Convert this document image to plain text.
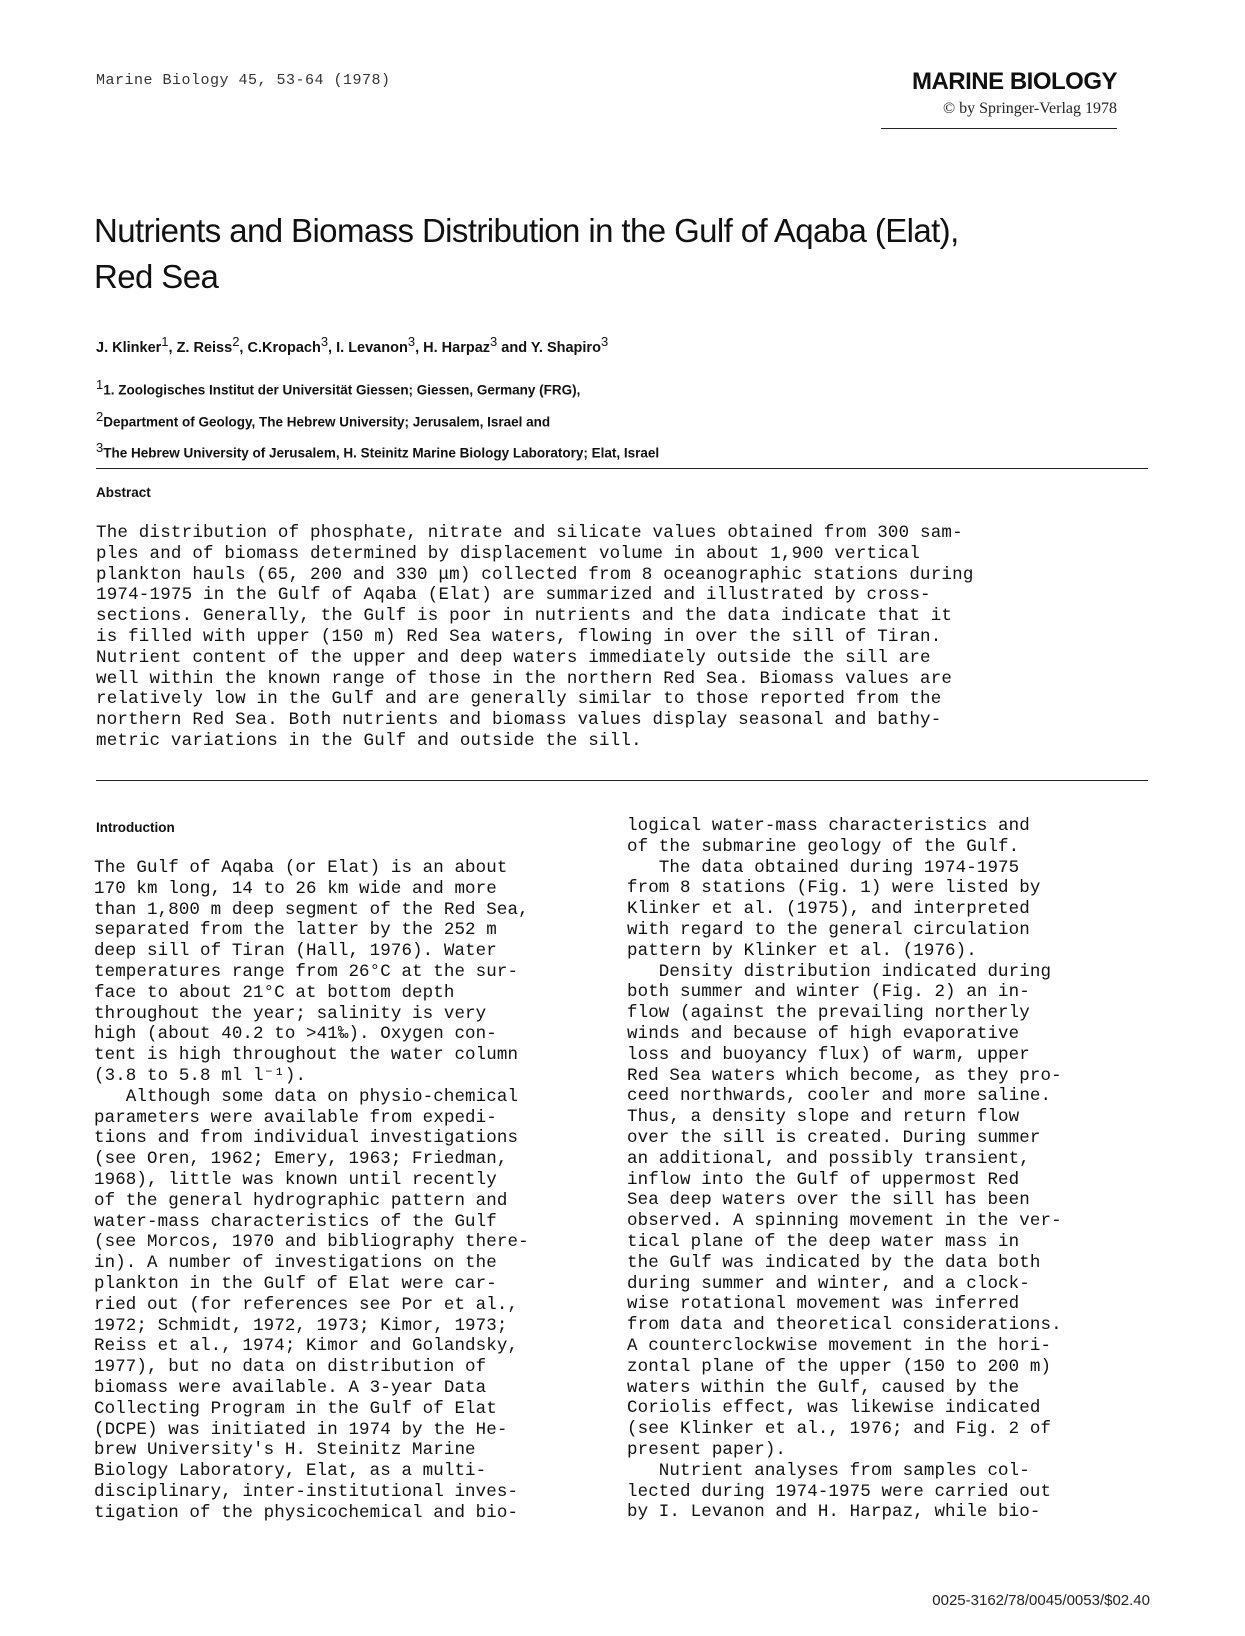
Marine Biology 45, 53-64 (1978)	MARINE BIOLOGY
© by Springer-Verlag 1978
Nutrients and Biomass Distribution in the Gulf of Aqaba (Elat),
Red Sea
J. Klinker$^1$, Z. Reiss$^2$, C.Kropach$^3$, I. Levanon$^3$, H. Harpaz$^3$ and Y. Shapiro$^3$
$^1$1. Zoologisches Institut der Universität Giessen; Giessen, Germany (FRG),
$^2$Department of Geology, The Hebrew University; Jerusalem, Israel and
$^3$The Hebrew University of Jerusalem, H. Steinitz Marine Biology Laboratory; Elat, Israel
Abstract
The distribution of phosphate, nitrate and silicate values obtained from 300 sam-
ples and of biomass determined by displacement volume in about 1,900 vertical
plankton hauls (65, 200 and 330 μm) collected from 8 oceanographic stations during
1974-1975 in the Gulf of Aqaba (Elat) are summarized and illustrated by cross-
sections. Generally, the Gulf is poor in nutrients and the data indicate that it
is filled with upper (150 m) Red Sea waters, flowing in over the sill of Tiran.
Nutrient content of the upper and deep waters immediately outside the sill are
well within the known range of those in the northern Red Sea. Biomass values are
relatively low in the Gulf and are generally similar to those reported from the
northern Red Sea. Both nutrients and biomass values display seasonal and bathy-
metric variations in the Gulf and outside the sill.
Introduction
The Gulf of Aqaba (or Elat) is an about
170 km long, 14 to 26 km wide and more
than 1,800 m deep segment of the Red Sea,
separated from the latter by the 252 m
deep sill of Tiran (Hall, 1976). Water
temperatures range from 26°C at the sur-
face to about 21°C at bottom depth
throughout the year; salinity is very
high (about 40.2 to >41‰). Oxygen con-
tent is high throughout the water column
(3.8 to 5.8 ml l⁻¹).
Although some data on physio-chemical
parameters were available from expedi-
tions and from individual investigations
(see Oren, 1962; Emery, 1963; Friedman,
1968), little was known until recently
of the general hydrographic pattern and
water-mass characteristics of the Gulf
(see Morcos, 1970 and bibliography there-
in). A number of investigations on the
plankton in the Gulf of Elat were car-
ried out (for references see Por et al.,
1972; Schmidt, 1972, 1973; Kimor, 1973;
Reiss et al., 1974; Kimor and Golandsky,
1977), but no data on distribution of
biomass were available. A 3-year Data
Collecting Program in the Gulf of Elat
(DCPE) was initiated in 1974 by the He-
brew University's H. Steinitz Marine
Biology Laboratory, Elat, as a multi-
disciplinary, inter-institutional inves-
tigation of the physicochemical and bio-
logical water-mass characteristics and
of the submarine geology of the Gulf.
The data obtained during 1974-1975
from 8 stations (Fig. 1) were listed by
Klinker et al. (1975), and interpreted
with regard to the general circulation
pattern by Klinker et al. (1976).
Density distribution indicated during
both summer and winter (Fig. 2) an in-
flow (against the prevailing northerly
winds and because of high evaporative
loss and buoyancy flux) of warm, upper
Red Sea waters which become, as they pro-
ceed northwards, cooler and more saline.
Thus, a density slope and return flow
over the sill is created. During summer
an additional, and possibly transient,
inflow into the Gulf of uppermost Red
Sea deep waters over the sill has been
observed. A spinning movement in the ver-
tical plane of the deep water mass in
the Gulf was indicated by the data both
during summer and winter, and a clock-
wise rotational movement was inferred
from data and theoretical considerations.
A counterclockwise movement in the hori-
zontal plane of the upper (150 to 200 m)
waters within the Gulf, caused by the
Coriolis effect, was likewise indicated
(see Klinker et al., 1976; and Fig. 2 of
present paper).
Nutrient analyses from samples col-
lected during 1974-1975 were carried out
by I. Levanon and H. Harpaz, while bio-
0025-3162/78/0045/0053/$02.40
